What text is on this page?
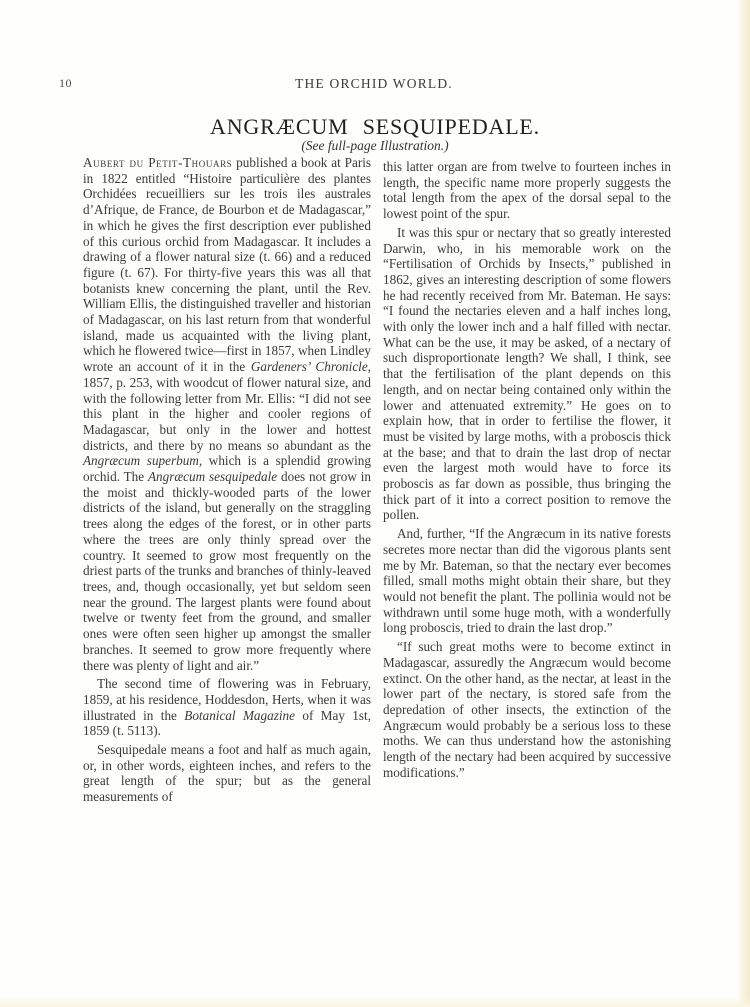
10	THE ORCHID WORLD.
ANGRÆCUM SESQUIPEDALE.
(See full-page Illustration.)

Aubert du Petit-Thouars published a book at Paris in 1822 entitled “Histoire particulière des plantes Orchidées recueilliers sur les trois iles australes d’Afrique, de France, de Bourbon et de Madagascar,” in which he gives the first description ever published of this curious orchid from Madagascar. It includes a drawing of a flower natural size (t. 66) and a reduced figure (t. 67). For thirty-five years this was all that botanists knew concerning the plant, until the Rev. William Ellis, the distinguished traveller and historian of Madagascar, on his last return from that wonderful island, made us acquainted with the living plant, which he flowered twice—first in 1857, when Lindley wrote an account of it in the Gardeners’ Chronicle, 1857, p. 253, with woodcut of flower natural size, and with the following letter from Mr. Ellis: “I did not see this plant in the higher and cooler regions of Madagascar, but only in the lower and hottest districts, and there by no means so abundant as the Angræcum superbum, which is a splendid growing orchid. The Angræcum sesquipedale does not grow in the moist and thickly-wooded parts of the lower districts of the island, but generally on the straggling trees along the edges of the forest, or in other parts where the trees are only thinly spread over the country. It seemed to grow most frequently on the driest parts of the trunks and branches of thinly-leaved trees, and, though occasionally, yet but seldom seen near the ground. The largest plants were found about twelve or twenty feet from the ground, and smaller ones were often seen higher up amongst the smaller branches. It seemed to grow more frequently where there was plenty of light and air.”

The second time of flowering was in February, 1859, at his residence, Hoddesdon, Herts, when it was illustrated in the Botanical Magazine of May 1st, 1859 (t. 5113).

Sesquipedale means a foot and half as much again, or, in other words, eighteen inches, and refers to the great length of the spur; but as the general measurements of

this latter organ are from twelve to fourteen inches in length, the specific name more properly suggests the total length from the apex of the dorsal sepal to the lowest point of the spur.

It was this spur or nectary that so greatly interested Darwin, who, in his memorable work on the “Fertilisation of Orchids by Insects,” published in 1862, gives an interesting description of some flowers he had recently received from Mr. Bateman. He says: “I found the nectaries eleven and a half inches long, with only the lower inch and a half filled with nectar. What can be the use, it may be asked, of a nectary of such disproportionate length? We shall, I think, see that the fertilisation of the plant depends on this length, and on nectar being contained only within the lower and attenuated extremity.” He goes on to explain how, that in order to fertilise the flower, it must be visited by large moths, with a proboscis thick at the base; and that to drain the last drop of nectar even the largest moth would have to force its proboscis as far down as possible, thus bringing the thick part of it into a correct position to remove the pollen.

And, further, “If the Angræcum in its native forests secretes more nectar than did the vigorous plants sent me by Mr. Bateman, so that the nectary ever becomes filled, small moths might obtain their share, but they would not benefit the plant. The pollinia would not be withdrawn until some huge moth, with a wonderfully long proboscis, tried to drain the last drop.”

“If such great moths were to become extinct in Madagascar, assuredly the Angræcum would become extinct. On the other hand, as the nectar, at least in the lower part of the nectary, is stored safe from the depredation of other insects, the extinction of the Angræcum would probably be a serious loss to these moths. We can thus understand how the astonishing length of the nectary had been acquired by successive modifications.”
